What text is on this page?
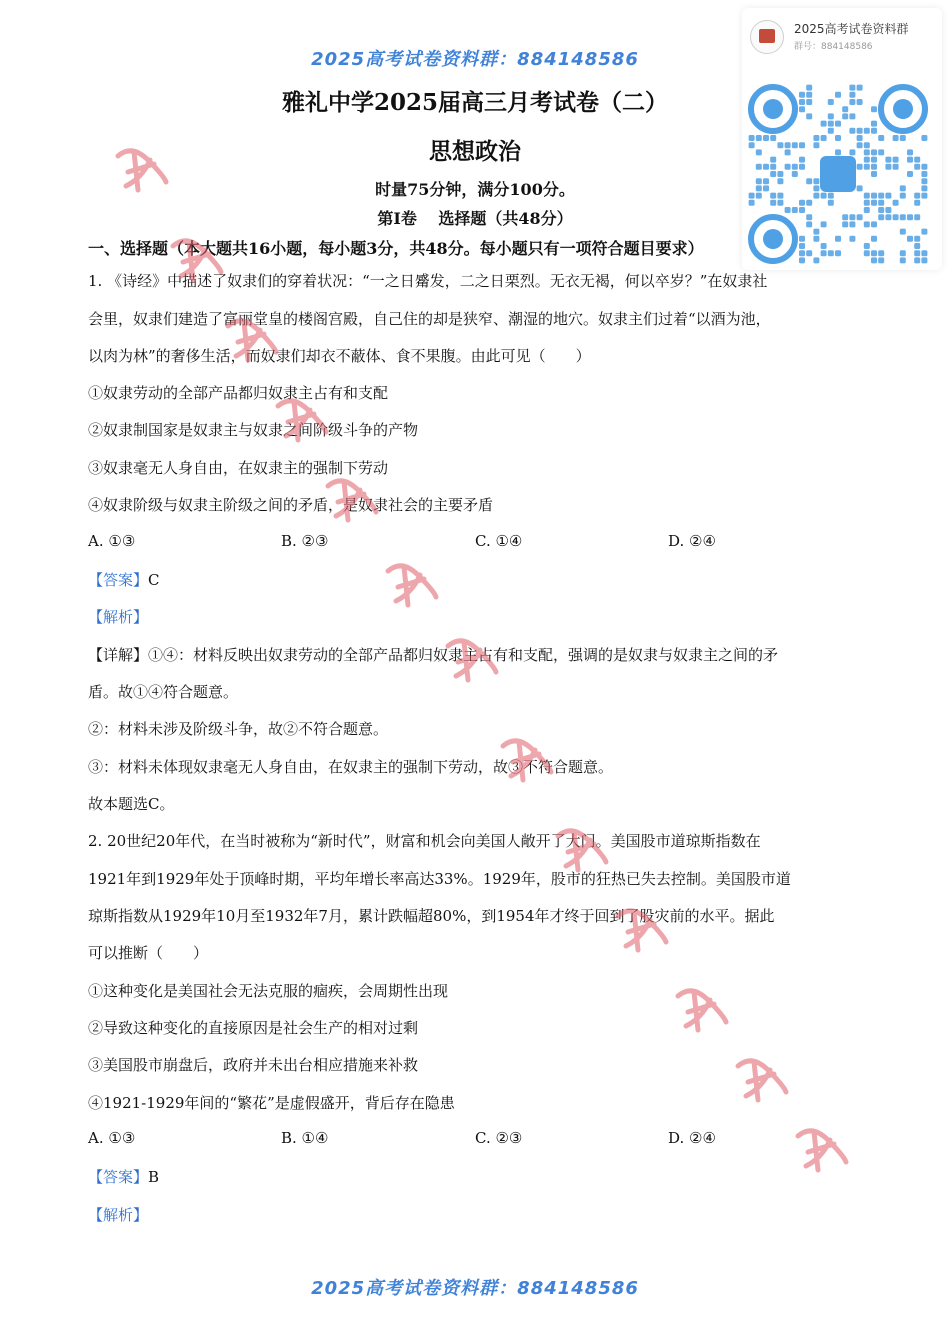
2025高考试卷资料群：884148586
2025高考试卷资料群
群号：884148586
雅礼中学2025届高三月考试卷（二）
思想政治
时量75分钟，满分100分。
第Ⅰ卷　 选择题（共48分）
一、选择题（本大题共16小题，每小题3分，共48分。每小题只有一项符合题目要求）
1. 《诗经》中描述了奴隶们的穿着状况：“一之日觱发，二之日栗烈。无衣无褐，何以卒岁？”在奴隶社
会里，奴隶们建造了富丽堂皇的楼阁宫殿，自己住的却是狭窄、潮湿的地穴。奴隶主们过着“以酒为池，
以肉为林”的奢侈生活，而奴隶们却衣不蔽体、食不果腹。由此可见（　　）
①奴隶劳动的全部产品都归奴隶主占有和支配
②奴隶制国家是奴隶主与奴隶之间阶级斗争的产物
③奴隶毫无人身自由，在奴隶主的强制下劳动
④奴隶阶级与奴隶主阶级之间的矛盾，是奴隶社会的主要矛盾
A. ①③	B. ②③	C. ①④	D. ②④
【答案】C
【解析】
【详解】①④：材料反映出奴隶劳动的全部产品都归奴隶主占有和支配，强调的是奴隶与奴隶主之间的矛
盾。故①④符合题意。
②：材料未涉及阶级斗争，故②不符合题意。
③：材料未体现奴隶毫无人身自由，在奴隶主的强制下劳动，故③不符合题意。
故本题选C。
2. 20世纪20年代，在当时被称为“新时代”，财富和机会向美国人敞开了大门。美国股市道琼斯指数在
1921年到1929年处于顶峰时期，平均年增长率高达33%。1929年，股市的狂热已失去控制。美国股市道
琼斯指数从1929年10月至1932年7月，累计跌幅超80%，到1954年才终于回到了股灾前的水平。据此
可以推断（　　）
①这种变化是美国社会无法克服的痼疾，会周期性出现
②导致这种变化的直接原因是社会生产的相对过剩
③美国股市崩盘后，政府并未出台相应措施来补救
④1921-1929年间的“繁花”是虚假盛开，背后存在隐患
A. ①③	B. ①④	C. ②③	D. ②④
【答案】B
【解析】
2025高考试卷资料群：884148586
